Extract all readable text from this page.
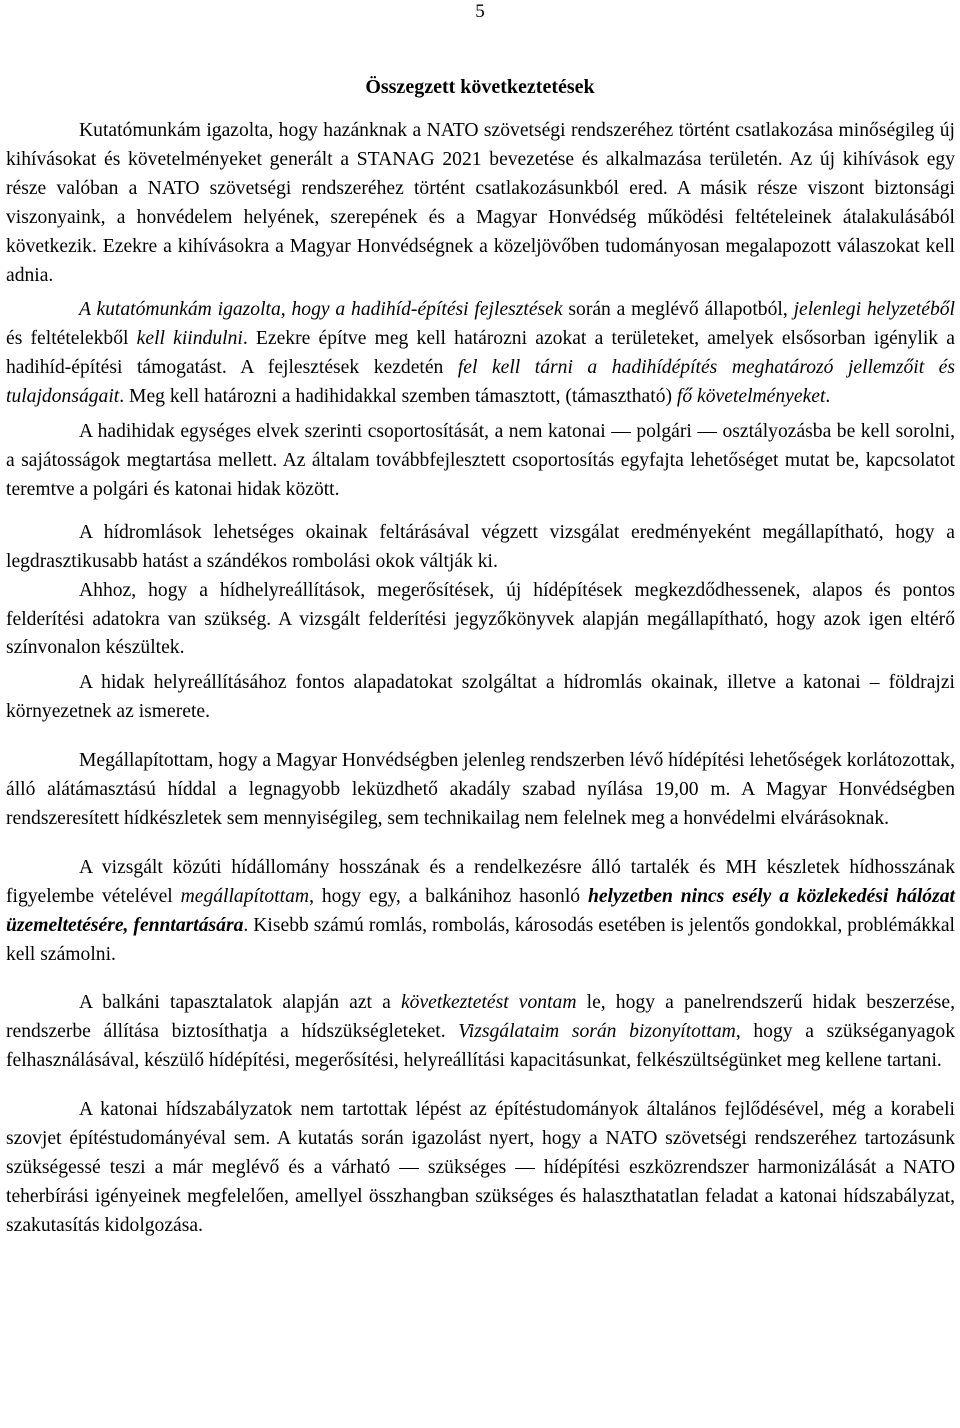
5
Összegzett következtetések

Kutatómunkám igazolta, hogy hazánknak a NATO szövetségi rendszeréhez történt csatlakozása minőségileg új kihívásokat és követelményeket generált a STANAG 2021 bevezetése és alkalmazása területén. Az új kihívások egy része valóban a NATO szövetségi rendszeréhez történt csatlakozásunkból ered. A másik része viszont biztonsági viszonyaink, a honvédelem helyének, szerepének és a Magyar Honvédség működési feltételeinek átalakulásából következik. Ezekre a kihívásokra a Magyar Honvédségnek a közeljövőben tudományosan megalapozott válaszokat kell adnia.

A kutatómunkám igazolta, hogy a hadihíd-építési fejlesztések során a meglévő állapotból, jelenlegi helyzetéből és feltételekből kell kiindulni. Ezekre építve meg kell határozni azokat a területeket, amelyek elsősorban igénylik a hadihíd-építési támogatást. A fejlesztések kezdetén fel kell tárni a hadihídépítés meghatározó jellemzőit és tulajdonságait. Meg kell határozni a hadihidakkal szemben támasztott, (támasztható) fő követelményeket.

A hadihidak egységes elvek szerinti csoportosítását, a nem katonai — polgári — osztályozásba be kell sorolni, a sajátosságok megtartása mellett. Az általam továbbfejlesztett csoportosítás egyfajta lehetőséget mutat be, kapcsolatot teremtve a polgári és katonai hidak között.

A hídromlások lehetséges okainak feltárásával végzett vizsgálat eredményeként megállapítható, hogy a legdrasztikusabb hatást a szándékos rombolási okok váltják ki.

Ahhoz, hogy a hídhelyreállítások, megerősítések, új hídépítések megkezdődhessenek, alapos és pontos felderítési adatokra van szükség. A vizsgált felderítési jegyzőkönyvek alapján megállapítható, hogy azok igen eltérő színvonalon készültek.

A hidak helyreállításához fontos alapadatokat szolgáltat a hídromlás okainak, illetve a katonai – földrajzi környezetnek az ismerete.

Megállapítottam, hogy a Magyar Honvédségben jelenleg rendszerben lévő hídépítési lehetőségek korlátozottak, álló alátámasztású híddal a legnagyobb leküzdhető akadály szabad nyílása 19,00 m. A Magyar Honvédségben rendszeresített hídkészletek sem mennyiségileg, sem technikailag nem felelnek meg a honvédelmi elvárásoknak.

A vizsgált közúti hídállomány hosszának és a rendelkezésre álló tartalék és MH készletek hídhosszának figyelembe vételével megállapítottam, hogy egy, a balkánihoz hasonló helyzetben nincs esély a közlekedési hálózat üzemeltetésére, fenntartására. Kisebb számú romlás, rombolás, károsodás esetében is jelentős gondokkal, problémákkal kell számolni.

A balkáni tapasztalatok alapján azt a következtetést vontam le, hogy a panelrendszerű hidak beszerzése, rendszerbe állítása biztosíthatja a hídszükségleteket. Vizsgálataim során bizonyítottam, hogy a szükséganyagok felhasználásával, készülő hídépítési, megerősítési, helyreállítási kapacitásunkat, felkészültségünket meg kellene tartani.

A katonai hídszabályzatok nem tartottak lépést az építéstudományok általános fejlődésével, még a korabeli szovjet építéstudományéval sem. A kutatás során igazolást nyert, hogy a NATO szövetségi rendszeréhez tartozásunk szükségessé teszi a már meglévő és a várható — szükséges — hídépítési eszközrendszer harmonizálását a NATO teherbírási igényeinek megfelelően, amellyel összhangban szükséges és halaszthatatlan feladat a katonai hídszabályzat, szakutasítás kidolgozása.
